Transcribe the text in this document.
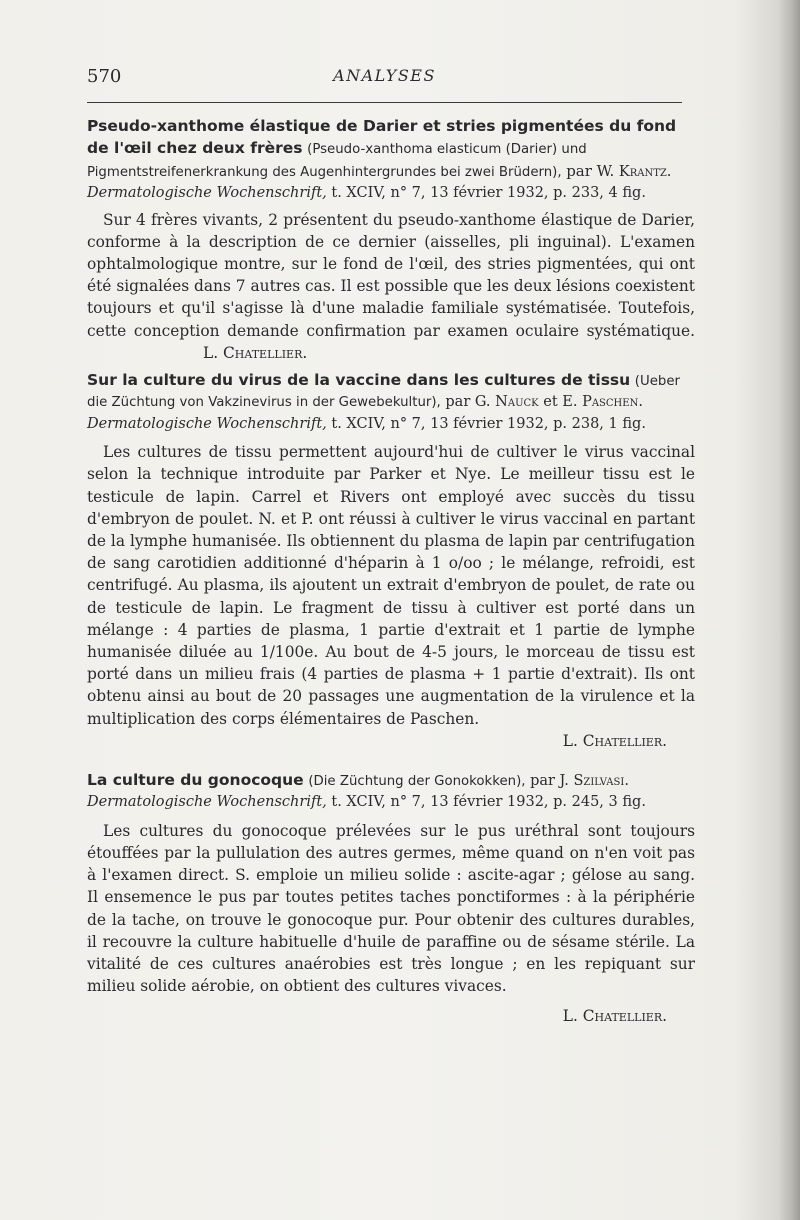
570	ANALYSES
Pseudo-xanthome élastique de Darier et stries pigmentées du fond de l'œil chez deux frères (Pseudo-xanthoma elasticum (Darier) und Pigmentstreifenerkrankung des Augenhintergrundes bei zwei Brüdern), par W. Krantz. Dermatologische Wochenschrift, t. XCIV, n° 7, 13 février 1932, p. 233, 4 fig.

Sur 4 frères vivants, 2 présentent du pseudo-xanthome élastique de Darier, conforme à la description de ce dernier (aisselles, pli inguinal). L'examen ophtalmologique montre, sur le fond de l'œil, des stries pigmentées, qui ont été signalées dans 7 autres cas. Il est possible que les deux lésions coexistent toujours et qu'il s'agisse là d'une maladie familiale systématisée. Toutefois, cette conception demande confirmation par examen oculaire systématique.L. Chatellier.

Sur la culture du virus de la vaccine dans les cultures de tissu (Ueber die Züchtung von Vakzinevirus in der Gewebekultur), par G. Nauck et E. Paschen. Dermatologische Wochenschrift, t. XCIV, n° 7, 13 février 1932, p. 238, 1 fig.

Les cultures de tissu permettent aujourd'hui de cultiver le virus vaccinal selon la technique introduite par Parker et Nye. Le meilleur tissu est le testicule de lapin. Carrel et Rivers ont employé avec succès du tissu d'embryon de poulet. N. et P. ont réussi à cultiver le virus vaccinal en partant de la lymphe humanisée. Ils obtiennent du plasma de lapin par centrifugation de sang carotidien additionné d'héparin à 1 o/oo ; le mélange, refroidi, est centrifugé. Au plasma, ils ajoutent un extrait d'embryon de poulet, de rate ou de testicule de lapin. Le fragment de tissu à cultiver est porté dans un mélange : 4 parties de plasma, 1 partie d'extrait et 1 partie de lymphe humanisée diluée au 1/100e. Au bout de 4-5 jours, le morceau de tissu est porté dans un milieu frais (4 parties de plasma + 1 partie d'extrait). Ils ont obtenu ainsi au bout de 20 passages une augmentation de la virulence et la multiplication des corps élémentaires de Paschen.

L. Chatellier.
La culture du gonocoque (Die Züchtung der Gonokokken), par J. Szilvasi. Dermatologische Wochenschrift, t. XCIV, n° 7, 13 février 1932, p. 245, 3 fig.

Les cultures du gonocoque prélevées sur le pus uréthral sont toujours étouffées par la pullulation des autres germes, même quand on n'en voit pas à l'examen direct. S. emploie un milieu solide : ascite-agar ; gélose au sang. Il ensemence le pus par toutes petites taches ponctiformes : à la périphérie de la tache, on trouve le gonocoque pur. Pour obtenir des cultures durables, il recouvre la culture habituelle d'huile de paraffine ou de sésame stérile. La vitalité de ces cultures anaérobies est très longue ; en les repiquant sur milieu solide aérobie, on obtient des cultures vivaces.

L. Chatellier.
